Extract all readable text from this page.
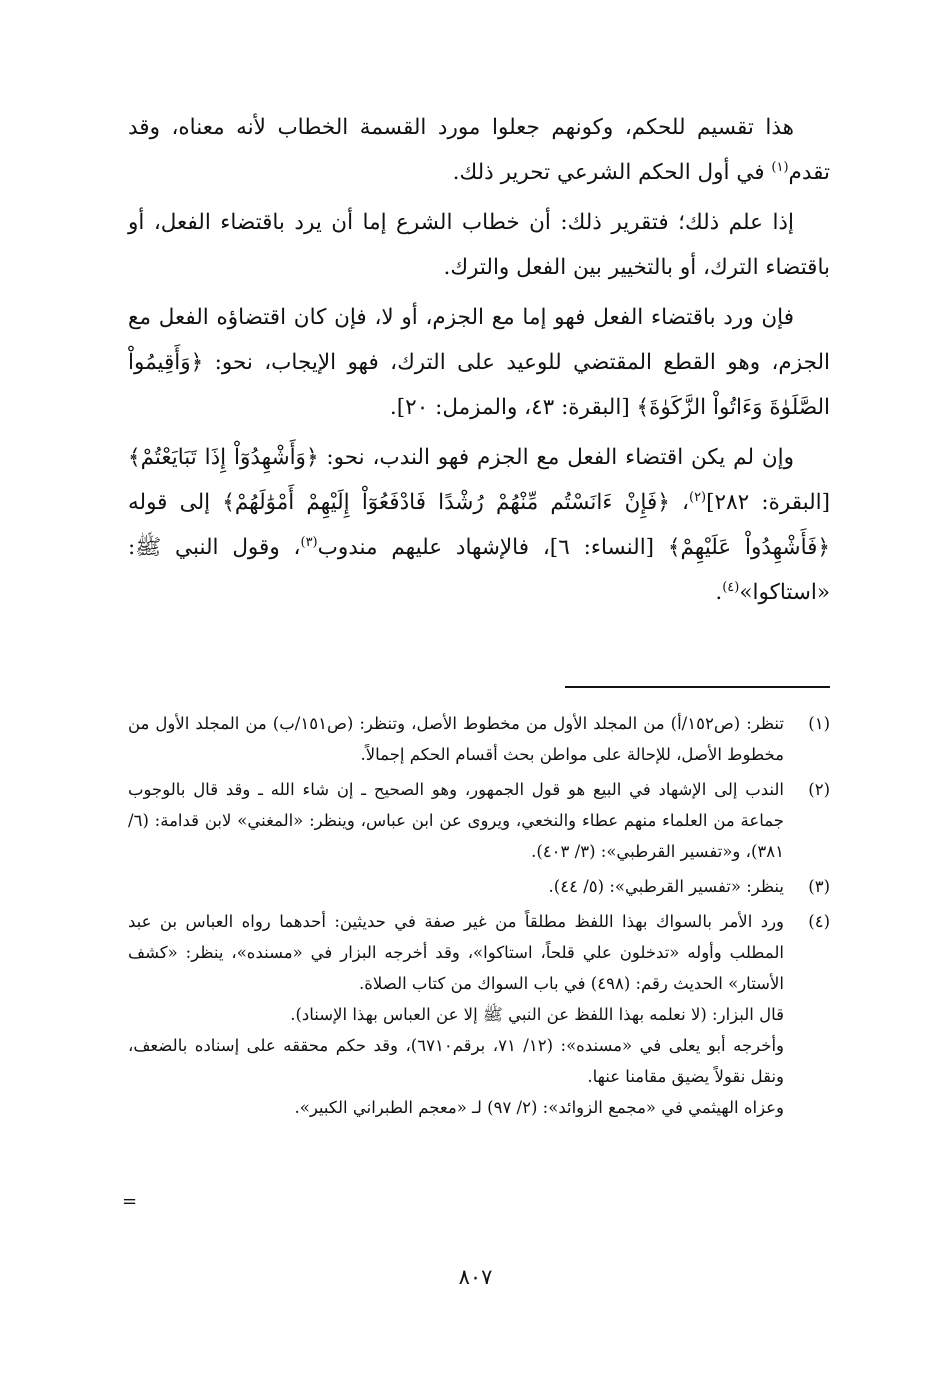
هذا تقسيم للحكم، وكونهم جعلوا مورد القسمة الخطاب لأنه معناه، وقد تقدم$^{(١)}$ في أول الحكم الشرعي تحرير ذلك.

إذا علم ذلك؛ فتقرير ذلك: أن خطاب الشرع إما أن يرد باقتضاء الفعل، أو باقتضاء الترك، أو بالتخيير بين الفعل والترك.

فإن ورد باقتضاء الفعل فهو إما مع الجزم، أو لا، فإن كان اقتضاؤه الفعل مع الجزم، وهو القطع المقتضي للوعيد على الترك، فهو الإيجاب، نحو: ﴿وَأَقِيمُواْ الصَّلَوٰةَ وَءَاتُواْ الزَّكَوٰةَ﴾ [البقرة: ٤٣، والمزمل: ٢٠].

وإن لم يكن اقتضاء الفعل مع الجزم فهو الندب، نحو: ﴿وَأَشْهِدُوٓاْ إِذَا تَبَايَعْتُمْ﴾ [البقرة: ٢٨٢]$^{(٢)}$، ﴿فَإِنْ ءَانَسْتُم مِّنْهُمْ رُشْدًا فَادْفَعُوٓاْ إِلَيْهِمْ أَمْوَٰلَهُمْ﴾ إلى قوله ﴿فَأَشْهِدُواْ عَلَيْهِمْ﴾ [النساء: ٦]، فالإشهاد عليهم مندوب$^{(٣)}$، وقول النبي ﷺ: «استاكوا»$^{(٤)}$.

(١)
تنظر: (ص١٥٢/أ) من المجلد الأول من مخطوط الأصل، وتنظر: (ص١٥١/ب) من المجلد الأول من مخطوط الأصل، للإحالة على مواطن بحث أقسام الحكم إجمالاً.
(٢)
الندب إلى الإشهاد في البيع هو قول الجمهور، وهو الصحيح ـ إن شاء الله ـ وقد قال بالوجوب جماعة من العلماء منهم عطاء والنخعي، ويروى عن ابن عباس، وينظر: «المغني» لابن قدامة: (٦/ ٣٨١)، و«تفسير القرطبي»: (٣/ ٤٠٣).
(٣)
ينظر: «تفسير القرطبي»: (٥/ ٤٤).
(٤)
ورد الأمر بالسواك بهذا اللفظ مطلقاً من غير صفة في حديثين: أحدهما رواه العباس بن عبد المطلب وأوله «تدخلون علي قلحاً، استاكوا»، وقد أخرجه البزار في «مسنده»، ينظر: «كشف الأستار» الحديث رقم: (٤٩٨) في باب السواك من كتاب الصلاة.
قال البزار: (لا نعلمه بهذا اللفظ عن النبي ﷺ إلا عن العباس بهذا الإسناد).
وأخرجه أبو يعلى في «مسنده»: (١٢/ ٧١، برقم٦٧١٠)، وقد حكم محققه على إسناده بالضعف، ونقل نقولاً يضيق مقامنا عنها.
وعزاه الهيثمي في «مجمع الزوائد»: (٢/ ٩٧) لـ «معجم الطبراني الكبير».
=
٨٠٧
